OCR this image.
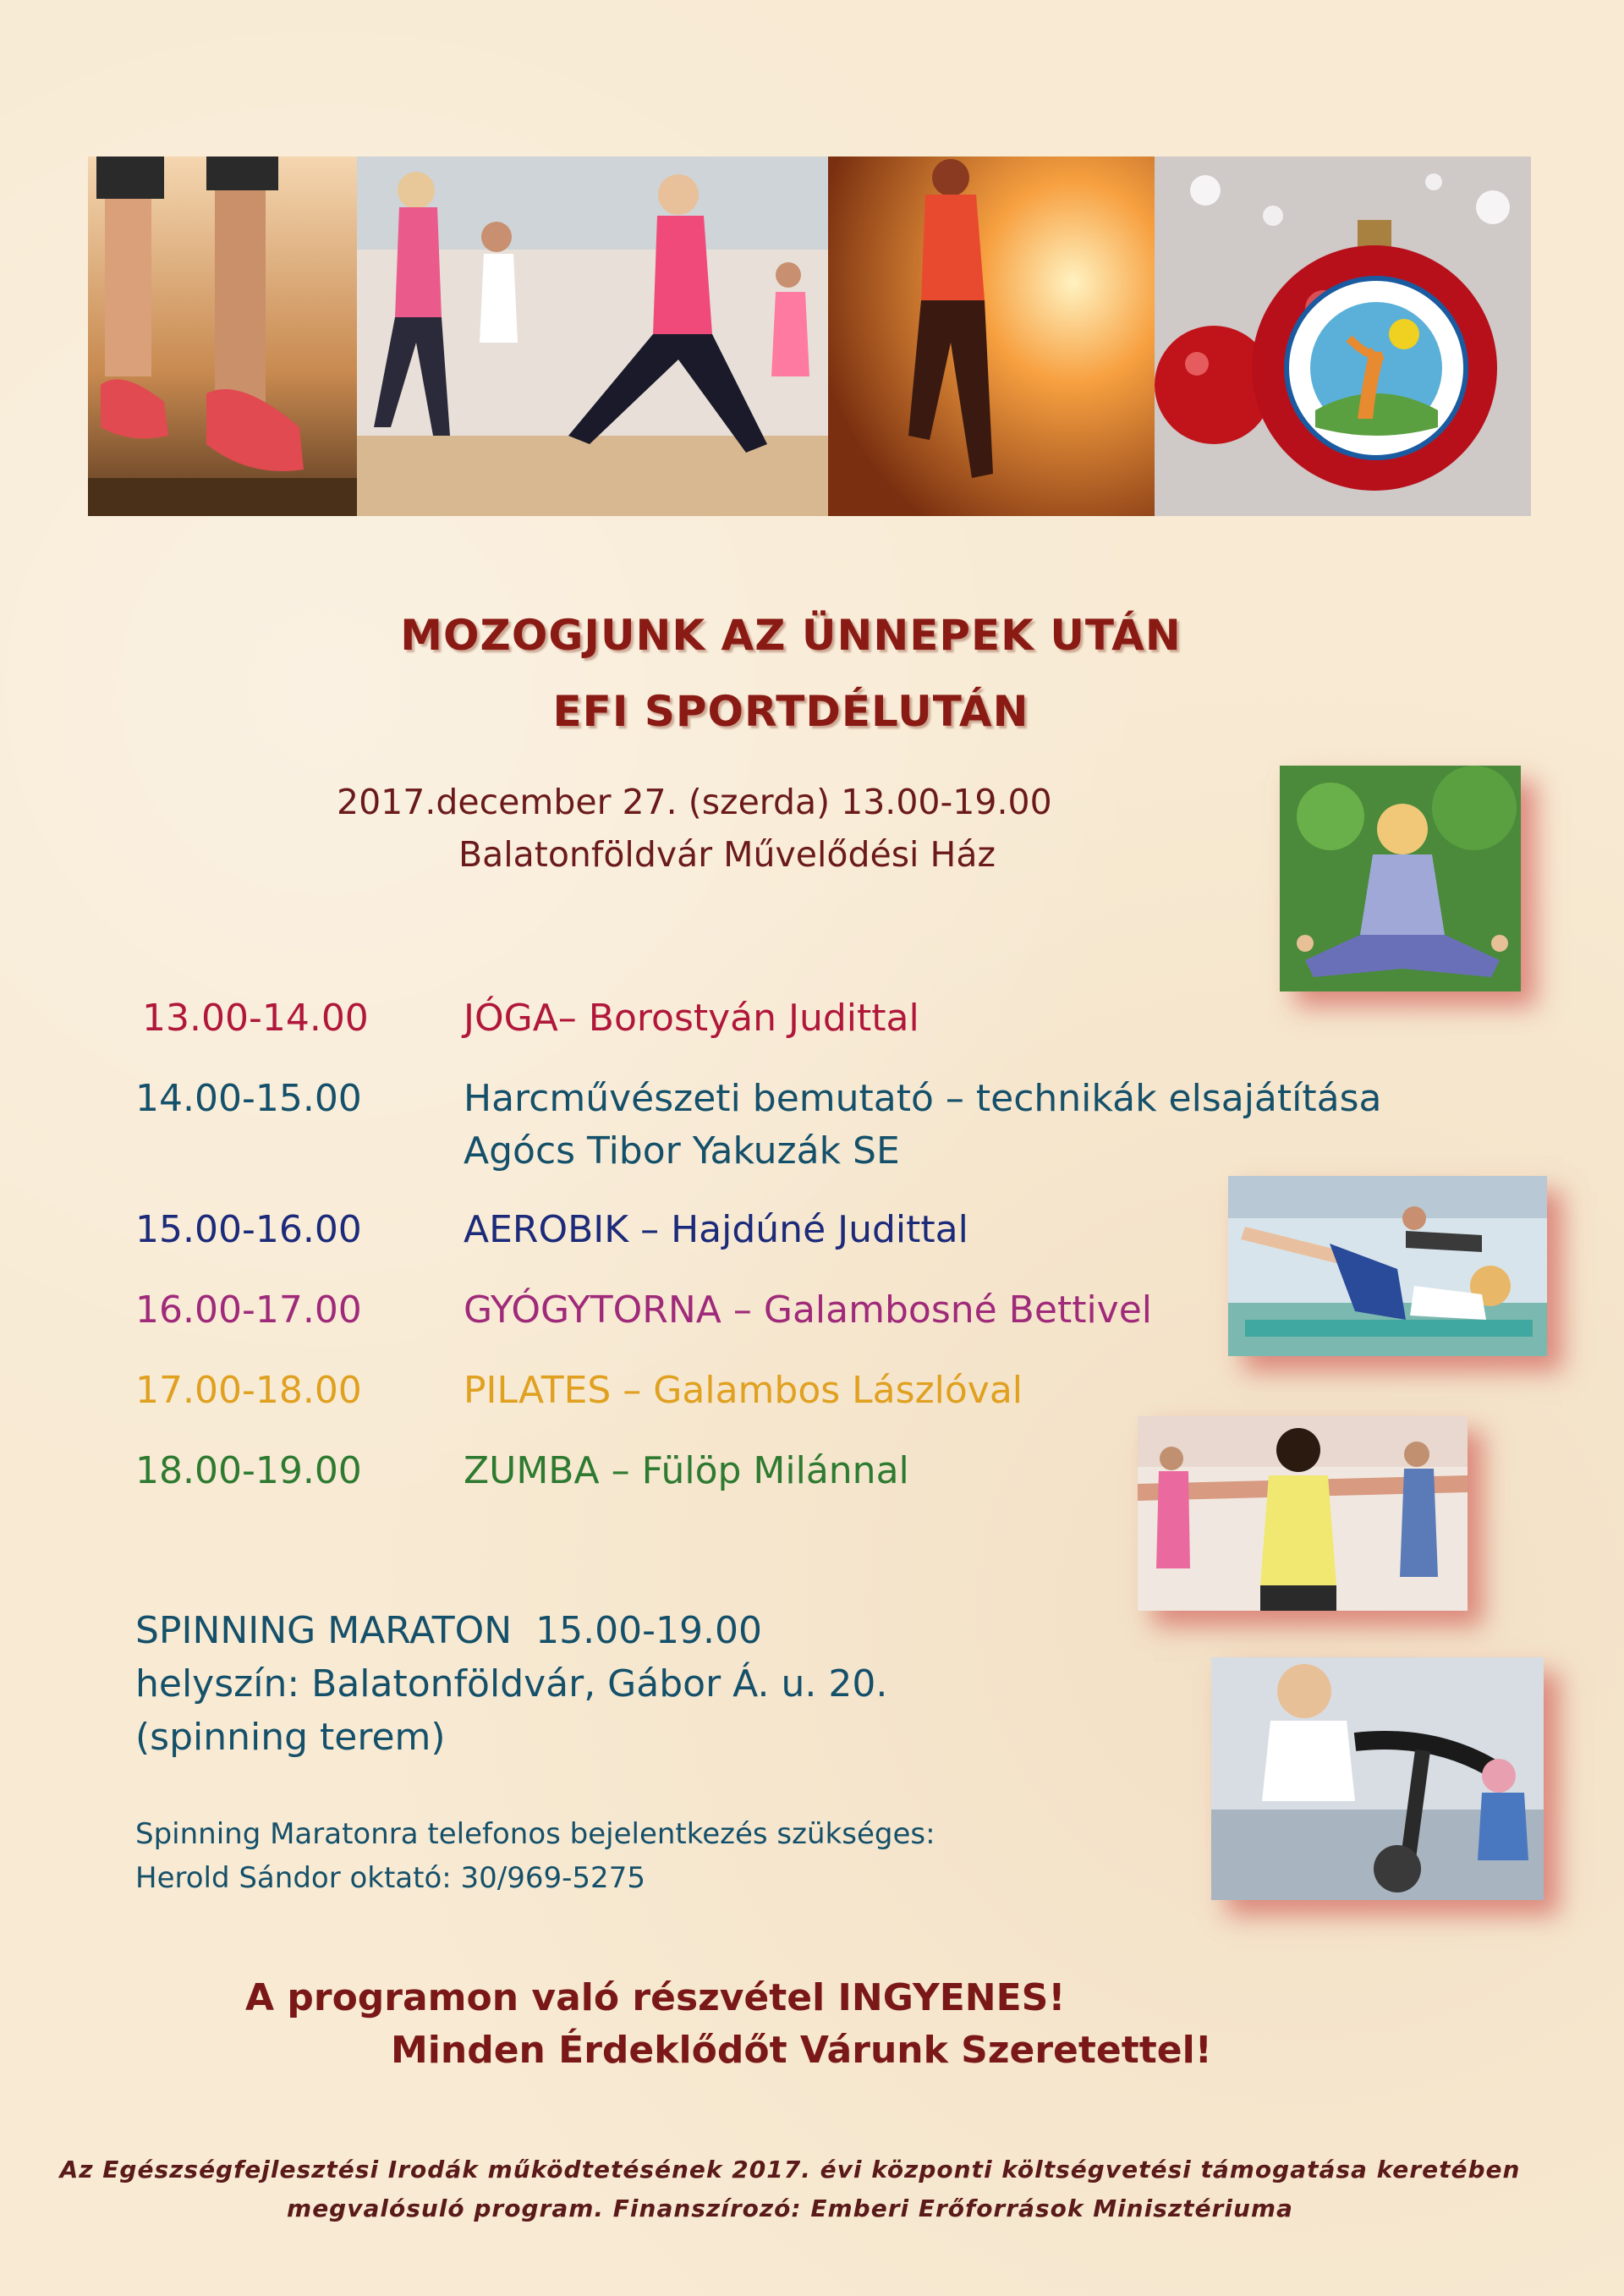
MOZOGJUNK AZ ÜNNEPEK UTÁN
EFI SPORTDÉLUTÁN
2017.december 27. (szerda) 13.00-19.00
Balatonföldvár Művelődési Ház
13.00-14.00	JÓGA– Borostyán Judittal
14.00-15.00	Harcművészeti bemutató – technikák elsajátítása
Agócs Tibor Yakuzák SE
15.00-16.00	AEROBIK – Hajdúné Judittal
16.00-17.00	GYÓGYTORNA – Galambosné Bettivel
17.00-18.00	PILATES – Galambos Lászlóval
18.00-19.00	ZUMBA – Fülöp Milánnal
SPINNING MARATON  15.00-19.00
helyszín: Balatonföldvár, Gábor Á. u. 20.
(spinning terem)
Spinning Maratonra telefonos bejelentkezés szükséges:
Herold Sándor oktató: 30/969-5275
A programon való részvétel INGYENES!
Minden Érdeklődőt Várunk Szeretettel!
Az Egészségfejlesztési Irodák működtetésének 2017. évi központi költségvetési támogatása keretében
megvalósuló program. Finanszírozó: Emberi Erőforrások Minisztériuma
